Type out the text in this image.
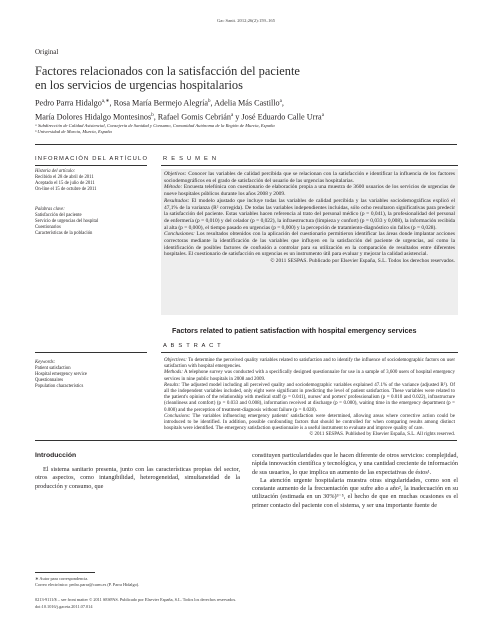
Gac Sanit. 2012;26(2):159–165
Original
Factores relacionados con la satisfacción del paciente
en los servicios de urgencias hospitalarios
Pedro Parra Hidalgo$^{a,∗}$, Rosa María Bermejo Alegría$^b$, Adelia Más Castillo$^a$,
María Dolores Hidalgo Montesinos$^b$, Rafael Gomis Cebrián$^a$ y José Eduardo Calle Urra$^a$
ᵃ Subdirección de Calidad Asistencial, Consejería de Sanidad y Consumo, Comunidad Autónoma de la Región de Murcia, España
ᵇ Universidad de Murcia, Murcia, España
INFORMACIÓN DEL ARTÍCULO	R E S U M E N
Historia del artículo:
Recibido el 28 de abril de 2011
Aceptado el 15 de julio de 2011
On-line el 15 de octubre de 2011
Palabras clave:
Satisfacción del paciente
Servicio de urgencias del hospital
Cuestionarios
Características de la población
Objetivos: Conocer las variables de calidad percibida que se relacionan con la satisfacción e identificar la influencia de los factores sociodemográficos en el grado de satisfacción del usuario de las urgencias hospitalarias.
Método: Encuesta telefónica con cuestionario de elaboración propia a una muestra de 3600 usuarios de los servicios de urgencias de nueve hospitales públicos durante los años 2008 y 2009.
Resultados: El modelo ajustado que incluye todas las variables de calidad percibida y las variables sociodemográficas explicó el 47,1% de la varianza (R² corregida). De todas las variables independientes incluidas, sólo ocho resultaron significativas para predecir la satisfacción del paciente. Estas variables hacen referencia al trato del personal médico (p = 0,041), la profesionalidad del personal de enfermería (p = 0,010) y del celador (p = 0,022), la infraestructura (limpieza y confort) (p = 0,033 y 0,008), la información recibida al alta (p = 0,000), el tiempo pasado en urgencias (p = 0,000) y la percepción de tratamiento-diagnóstico sin fallos (p = 0,028).
Conclusiones: Los resultados obtenidos con la aplicación del cuestionario permitieron identificar las áreas donde implantar acciones correctoras mediante la identificación de las variables que influyen en la satisfacción del paciente de urgencias, así como la identificación de posibles factores de confusión a controlar para su utilización en la comparación de resultados entre diferentes hospitales. El cuestionario de satisfacción en urgencias es un instrumento útil para evaluar y mejorar la calidad asistencial.
© 2011 SESPAS. Publicado por Elsevier España, S.L. Todos los derechos reservados.
Factors related to patient satisfaction with hospital emergency services
A B S T R A C T
Keywords:
Patient satisfaction
Hospital emergency service
Questionnaires
Population characteristics
Objectives: To determine the perceived quality variables related to satisfaction and to identify the influence of sociodemographic factors on user satisfaction with hospital emergencies.
Methods: A telephone survey was conducted with a specifically designed questionnaire for use in a sample of 3,600 users of hospital emergency services in nine public hospitals in 2008 and 2009.
Results: The adjusted model including all perceived quality and sociodemographic variables explained 47.1% of the variance (adjusted R²). Of all the independent variables included, only eight were significant in predicting the level of patient satisfaction. These variables were related to the patient's opinion of the relationship with medical staff (p = 0.041), nurses' and porters' professionalism (p = 0.010 and 0.022), infrastructure (cleanliness and comfort) (p = 0.033 and 0.008), information received at discharge (p = 0.000), waiting time in the emergency department (p = 0.000) and the perception of treatment-diagnosis without failure (p = 0.028).
Conclusions: The variables influencing emergency patients' satisfaction were determined, allowing areas where corrective action could be introduced to be identified. In addition, possible confounding factors that should be controlled for when comparing results among distinct hospitals were identified. The emergency satisfaction questionnaire is a useful instrument to evaluate and improve quality of care.
© 2011 SESPAS. Published by Elsevier España, S.L. All rights reserved.
Introducción
El sistema sanitario presenta, junto con las características propias del sector, otros aspectos, como intangibilidad, heterogeneidad, simultaneidad de la producción y consumo, que
constituyen particularidades que le hacen diferente de otros servicios: complejidad, rápida innovación científica y tecnológica, y una cantidad creciente de información de sus usuarios, lo que implica un aumento de las expectativas de éstos¹.
La atención urgente hospitalaria muestra otras singularidades, como son el constante aumento de la frecuentación que sufre año a año², la inadecuación en su utilización (estimada en un 30%)³⁻⁵, el hecho de que en muchas ocasiones es el primer contacto del paciente con el sistema, y ser una importante fuente de
∗ Autor para correspondencia.
Correo electrónico: pedro.parra@carm.es (P. Parra Hidalgo).
0213-9111/$ – see front matter © 2011 SESPAS. Publicado por Elsevier España, S.L. Todos los derechos reservados.
doi:10.1016/j.gaceta.2011.07.014
